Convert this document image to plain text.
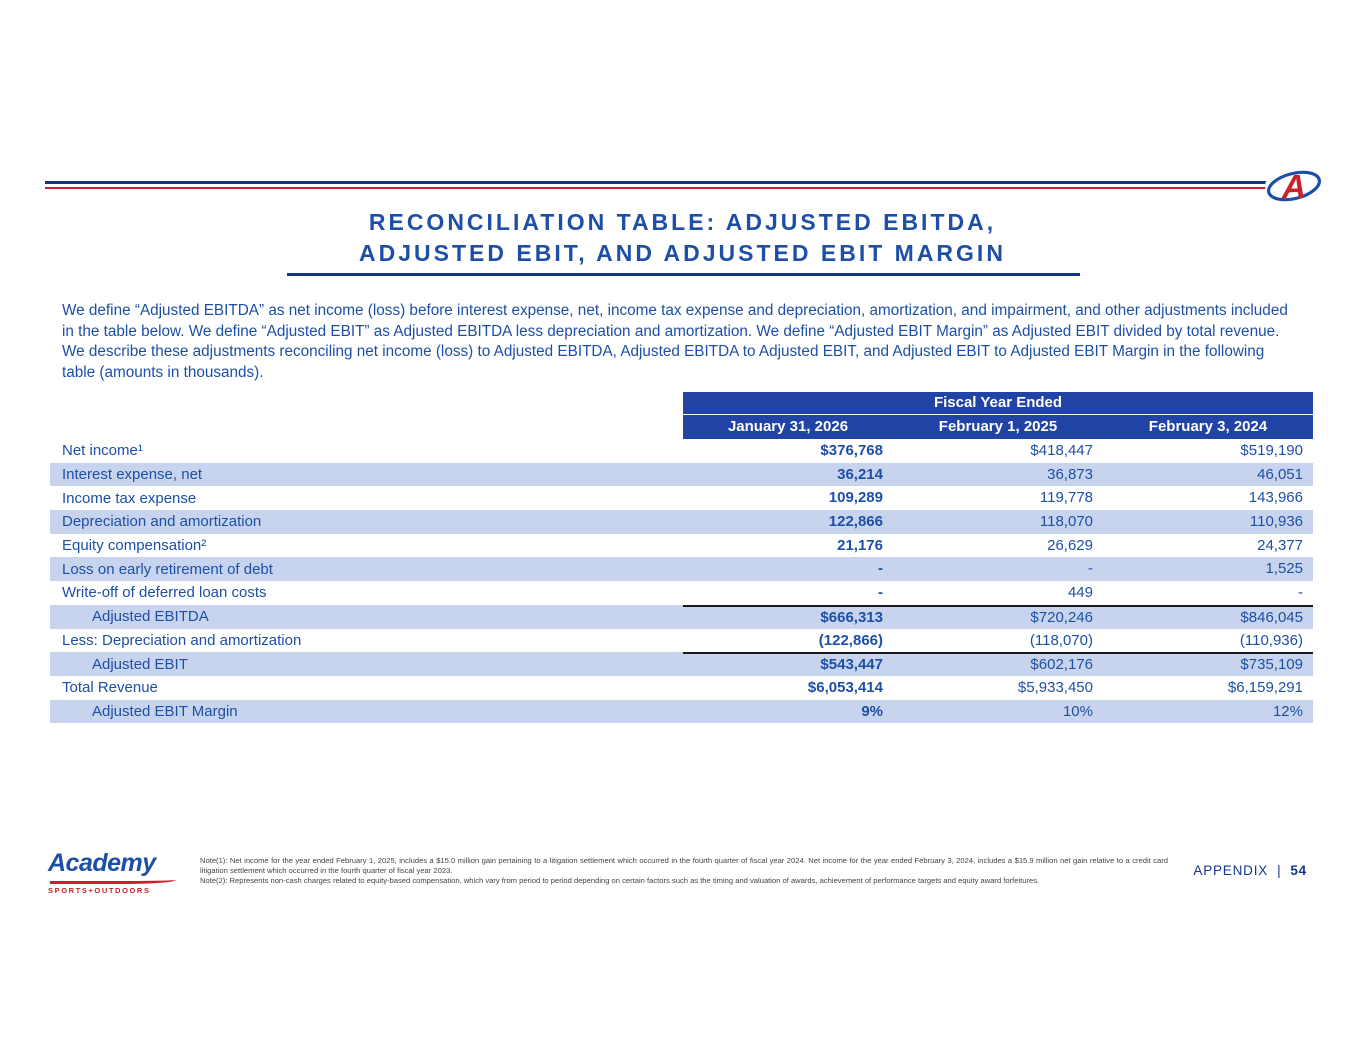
A
RECONCILIATION TABLE: ADJUSTED EBITDA,
ADJUSTED EBIT, AND ADJUSTED EBIT MARGIN
We define “Adjusted EBITDA” as net income (loss) before interest expense, net, income tax expense and depreciation, amortization, and impairment, and other adjustments included in the table below. We define “Adjusted EBIT” as Adjusted EBITDA less depreciation and amortization. We define “Adjusted EBIT Margin” as Adjusted EBIT divided by total revenue. We describe these adjustments reconciling net income (loss) to Adjusted EBITDA, Adjusted EBITDA to Adjusted EBIT, and Adjusted EBIT to Adjusted EBIT Margin in the following table (amounts in thousands).
Fiscal Year Ended
January 31, 2026	February 1, 2025	February 3, 2024
Net income¹	$376,768	$418,447	$519,190
Interest expense, net	36,214	36,873	46,051
Income tax expense	109,289	119,778	143,966
Depreciation and amortization	122,866	118,070	110,936
Equity compensation²	21,176	26,629	24,377
Loss on early retirement of debt	-	-	1,525
Write-off of deferred loan costs	-	449	-
Adjusted EBITDA	$666,313	$720,246	$846,045
Less: Depreciation and amortization	(122,866)	(118,070)	(110,936)
Adjusted EBIT	$543,447	$602,176	$735,109
Total Revenue	$6,053,414	$5,933,450	$6,159,291
Adjusted EBIT Margin	9%	10%	12%
Academy
SPORTS+OUTDOORS

Note(1): Net income for the year ended February 1, 2025, includes a $15.0 million gain pertaining to a litigation settlement which occurred in the fourth quarter of fiscal year 2024. Net income for the year ended February 3, 2024, includes a $15.9 million net gain relative to a credit card litigation settlement which occurred in the fourth quarter of fiscal year 2023.

Note(2): Represents non-cash charges related to equity-based compensation, which vary from period to period depending on certain factors such as the timing and valuation of awards, achievement of performance targets and equity award forfeitures.

APPENDIX | 54
